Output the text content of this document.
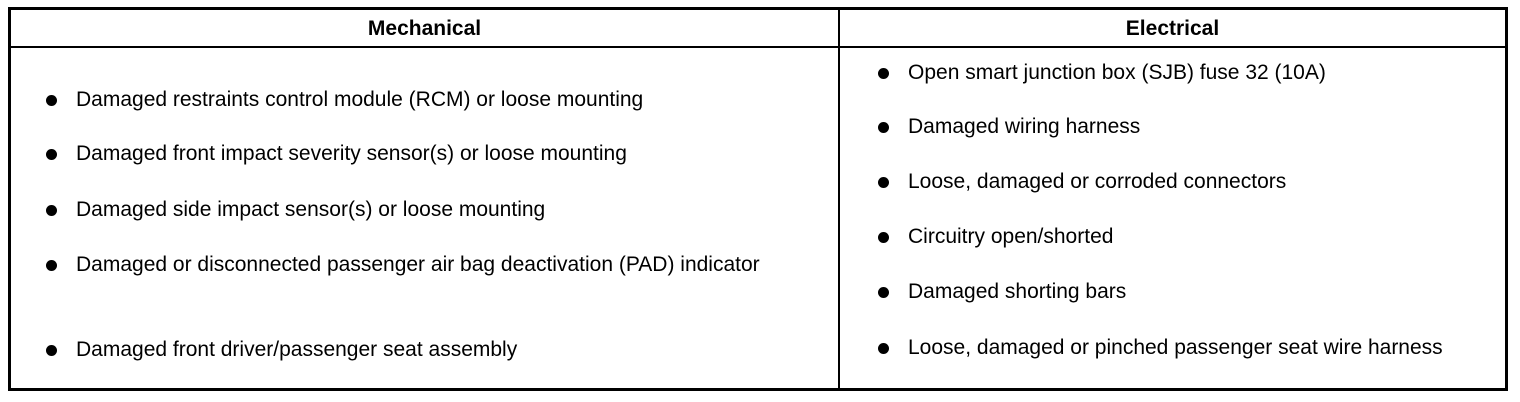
Mechanical	Electrical
Damaged restraints control module (RCM) or loose mounting
Damaged front impact severity sensor(s) or loose mounting
Damaged side impact sensor(s) or loose mounting
Damaged or disconnected passenger air bag deactivation (PAD) indicator
Damaged front driver/passenger seat assembly
Open smart junction box (SJB) fuse 32 (10A)
Damaged wiring harness
Loose, damaged or corroded connectors
Circuitry open/shorted
Damaged shorting bars
Loose, damaged or pinched passenger seat wire harness
